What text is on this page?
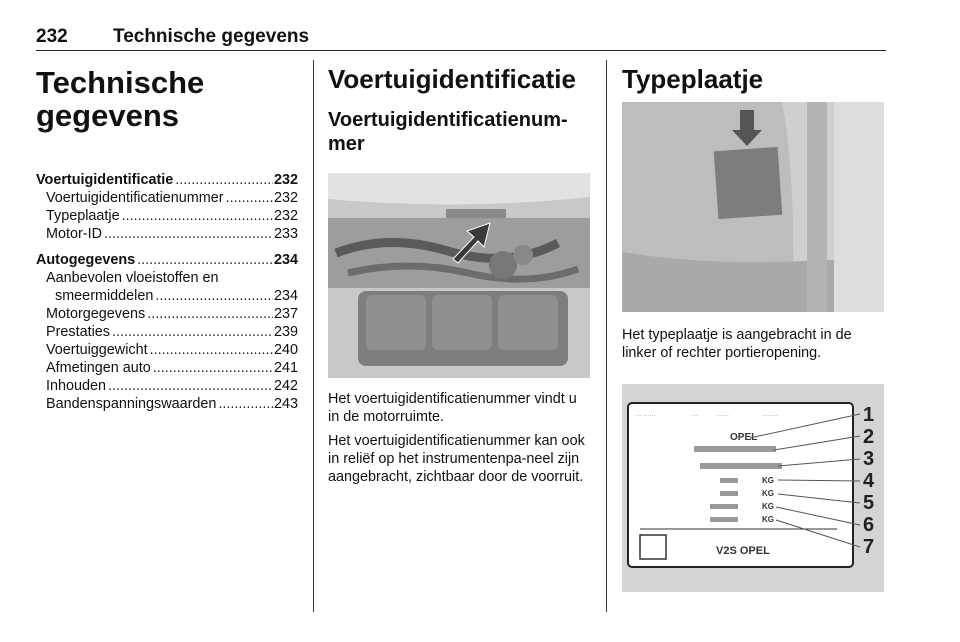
232 Technische gegevens
Technische
gegevens
Voertuigidentificatie .....	232
Voertuigidentificatienummer .....	232
Typeplaatje .....	232
Motor-ID .....	233
Autogegevens .....	234
Aanbevolen vloeistoffen en
smeermiddelen .....	234
Motorgegevens .....	237
Prestaties .....	239
Voertuiggewicht .....	240
Afmetingen auto .....	241
Inhouden .....	242
Bandenspanningswaarden .....	243
Voertuigidentificatie
Voertuigidentificatienum-
mer

Het voertuigidentificatienummer vindt u in de motorruimte.

Het voertuigidentificatienummer kan ook in reliëf op het instrumentenpa-neel zijn aangebracht, zichtbaar door de voorruit.

Typeplaatje

Het typeplaatje is aangebracht in de linker of rechter portieropening.

··· ······	···	······	········
OPEL
KG
KG
KG
KG
V2S OPEL
1
2
3
4
5
6
7
